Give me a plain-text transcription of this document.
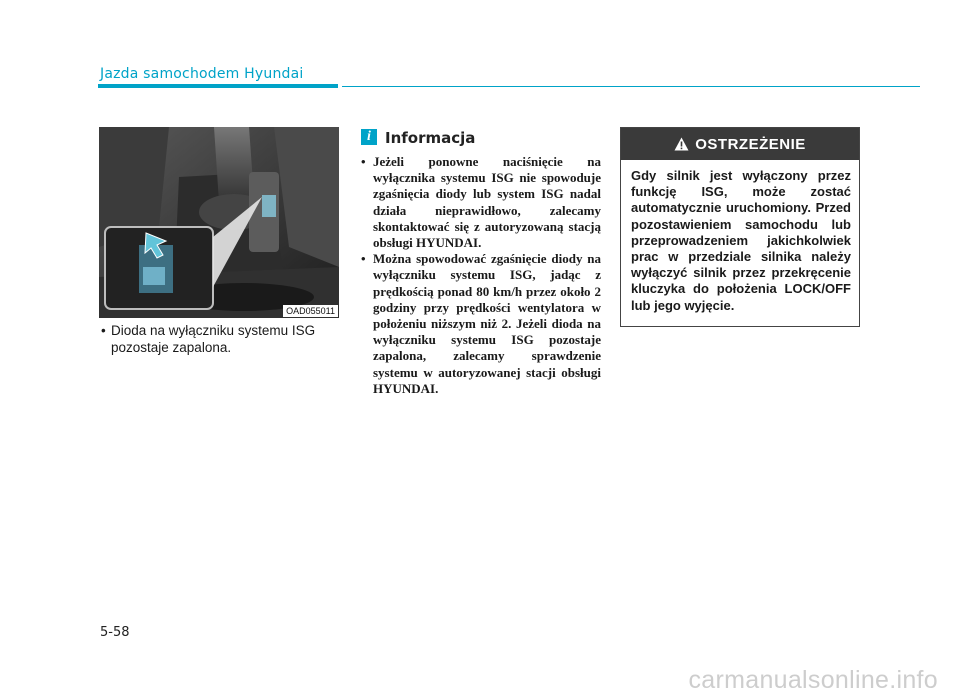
Jazda samochodem Hyundai
OAD055011
• Dioda na wyłączniku systemu ISG
pozostaje zapalona.
i Informacja
• Jeżeli ponowne naciśnięcie na wyłącznika systemu ISG nie spowoduje zgaśnięcia diody lub system ISG nadal działa nieprawidłowo, zalecamy skontaktować się z autoryzowaną stacją obsługi HYUNDAI.
• Można spowodować zgaśnięcie diody na wyłączniku systemu ISG, jadąc z prędkością ponad 80 km/h przez około 2 godziny przy prędkości wentylatora w położeniu niższym niż 2. Jeżeli dioda na wyłączniku systemu ISG pozostaje zapalona, zalecamy sprawdzenie systemu w autoryzowanej stacji obsługi HYUNDAI.
OSTRZEŻENIE
Gdy silnik jest wyłączony przez funkcję ISG, może zostać automatycznie uruchomiony. Przed pozostawieniem samochodu lub przeprowadzeniem jakichkolwiek prac w przedziale silnika należy wyłączyć silnik przez przekręcenie kluczyka do położenia LOCK/OFF lub jego wyjęcie.
5-58
carmanualsonline.info
